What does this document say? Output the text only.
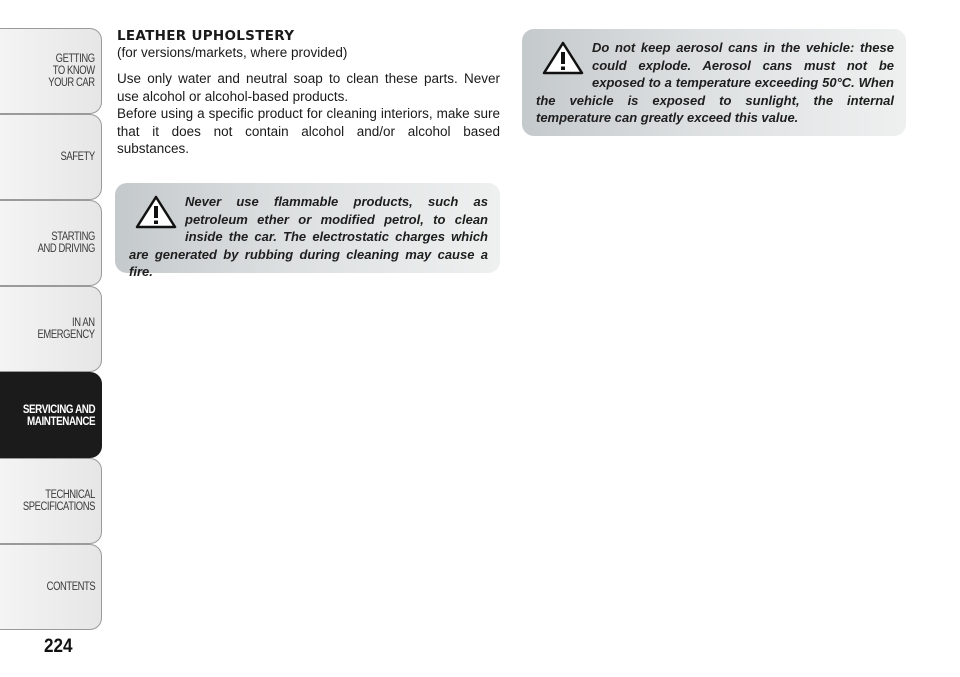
GETTING
TO KNOW
YOUR CAR
SAFETY
STARTING
AND DRIVING
IN AN
EMERGENCY
SERVICING AND
MAINTENANCE
TECHNICAL
SPECIFICATIONS
CONTENTS
224
LEATHER UPHOLSTERY
(for versions/markets, where provided)

Use only water and neutral soap to clean these parts. Never use alcohol or alcohol-based products.

Before using a specific product for cleaning interiors, make sure that it does not contain alcohol and/or alcohol based substances.

Never use flammable products, such as petroleum ether or modified petrol, to clean inside the car. The electrostatic charges which are generated by rubbing during cleaning may cause a fire.
Do not keep aerosol cans in the vehicle: these could explode. Aerosol cans must not be exposed to a temperature exceeding 50°C. When the vehicle is exposed to sunlight, the internal temperature can greatly exceed this value.
